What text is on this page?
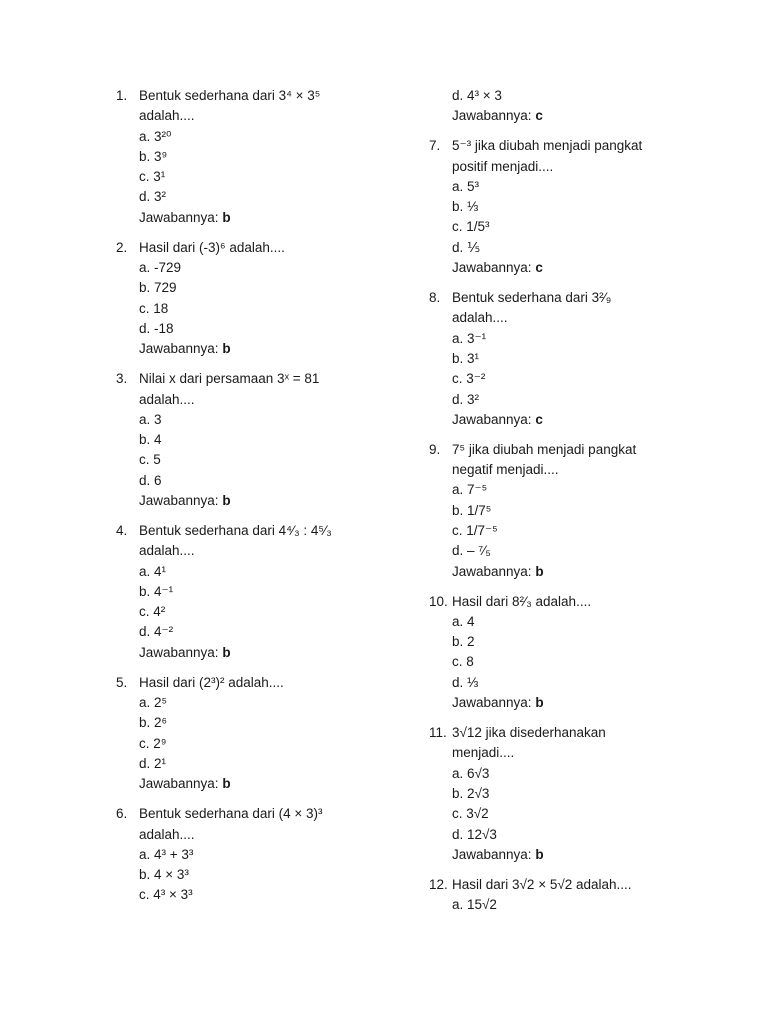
1. Bentuk sederhana dari 3⁴ × 3⁵
adalah....
a. 3²⁰
b. 3⁹
c. 3¹
d. 3²
Jawabannya: b
2. Hasil dari (-3)⁶ adalah....
a. -729
b. 729
c. 18
d. -18
Jawabannya: b
3. Nilai x dari persamaan 3ˣ = 81
adalah....
a. 3
b. 4
c. 5
d. 6
Jawabannya: b
4. Bentuk sederhana dari 4⁴⁄₃ : 4⁵⁄₃
adalah....
a. 4¹
b. 4⁻¹
c. 4²
d. 4⁻²
Jawabannya: b
5. Hasil dari (2³)² adalah....
a. 2⁵
b. 2⁶
c. 2⁹
d. 2¹
Jawabannya: b
6. Bentuk sederhana dari (4 × 3)³
adalah....
a. 4³ + 3³
b. 4 × 3³
c. 4³ × 3³
d. 4³ × 3
Jawabannya: c
7. 5⁻³ jika diubah menjadi pangkat
positif menjadi....
a. 5³
b. ⅓
c. 1/5³
d. ⅕
Jawabannya: c
8. Bentuk sederhana dari 3²⁄₉
adalah....
a. 3⁻¹
b. 3¹
c. 3⁻²
d. 3²
Jawabannya: c
9. 7⁵ jika diubah menjadi pangkat
negatif menjadi....
a. 7⁻⁵
b. 1/7⁵
c. 1/7⁻⁵
d. – ⁷⁄₅
Jawabannya: b
10. Hasil dari 8²⁄₃ adalah....
a. 4
b. 2
c. 8
d. ⅓
Jawabannya: b
11. 3√12 jika disederhanakan
menjadi....
a. 6√3
b. 2√3
c. 3√2
d. 12√3
Jawabannya: b
12. Hasil dari 3√2 × 5√2 adalah....
a. 15√2
